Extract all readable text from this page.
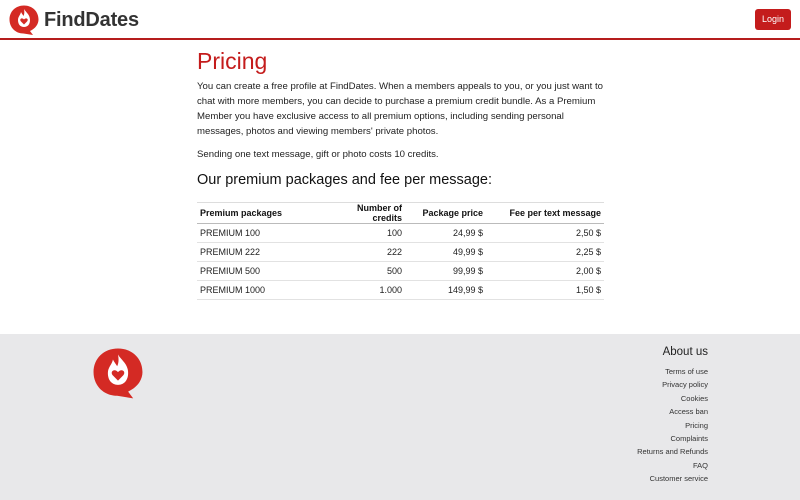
FindDates	Login
Pricing

You can create a free profile at FindDates. When a members appeals to you, or you just want to chat with more members, you can decide to purchase a premium credit bundle. As a Premium Member you have exclusive access to all premium options, including sending personal messages, photos and viewing members' private photos.

Sending one text message, gift or photo costs 10 credits.

Our premium packages and fee per message:
Premium packages	Number of credits	Package price	Fee per text message
PREMIUM 100	100	24,99 $	2,50 $
PREMIUM 222	222	49,99 $	2,25 $
PREMIUM 500	500	99,99 $	2,00 $
PREMIUM 1000	1.000	149,99 $	1,50 $
About us
Terms of use
Privacy policy
Cookies
Access ban
Pricing
Complaints
Returns and Refunds
FAQ
Customer service
